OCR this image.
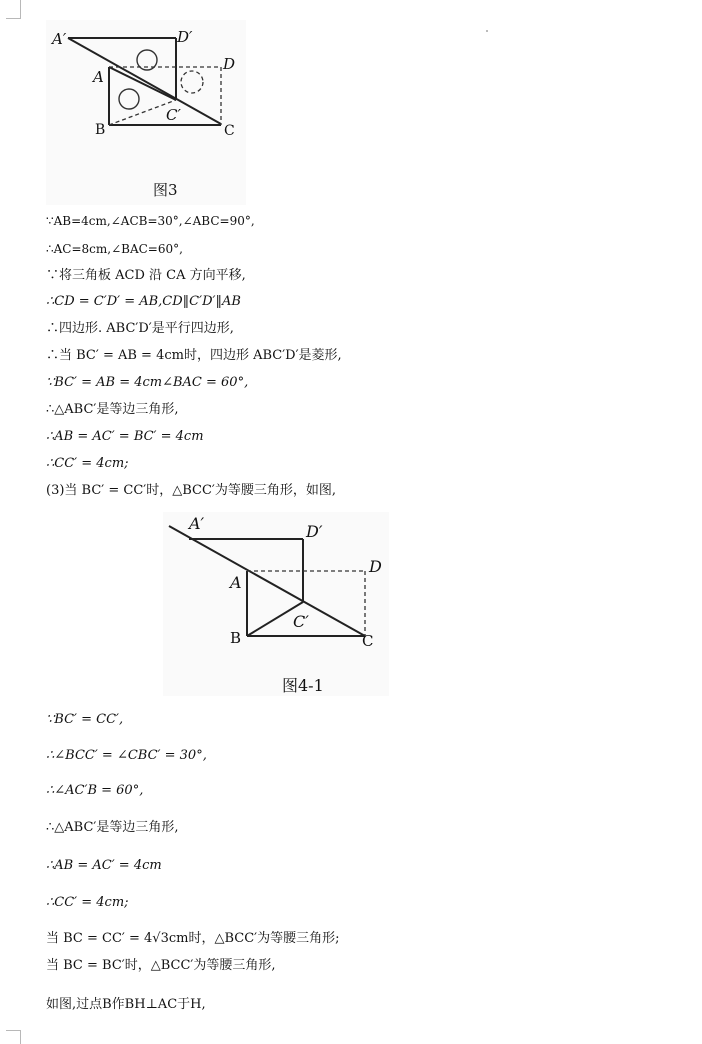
A′	D′
D
A
C′
B	C
图3
∵AB=4cm,∠ACB=30°,∠ABC=90°,
∴AC=8cm,∠BAC=60°,
∵将三角板 ACD 沿 CA 方向平移,
∴CD = C′D′ = AB,CD‖C′D′‖AB
∴四边形. ABC′D′是平行四边形,
∴当 BC′ = AB = 4cm时，四边形 ABC′D′是菱形,
∵BC′ = AB = 4cm∠BAC = 60°,
∴△ABC′是等边三角形,
∴AB = AC′ = BC′ = 4cm
∴CC′ = 4cm;
(3)当 BC′ = CC′时，△BCC′为等腰三角形，如图,
A′	D′
D
A
C′
B	C
图4-1
∵BC′ = CC′,
∴∠BCC′ = ∠CBC′ = 30°,
∴∠AC′B = 60°,
∴△ABC′是等边三角形,
∴AB = AC′ = 4cm
∴CC′ = 4cm;
当 BC = CC′ = 4√3cm时，△BCC′为等腰三角形;
当 BC = BC′时，△BCC′为等腰三角形,
如图,过点B作BH⊥AC于H,
